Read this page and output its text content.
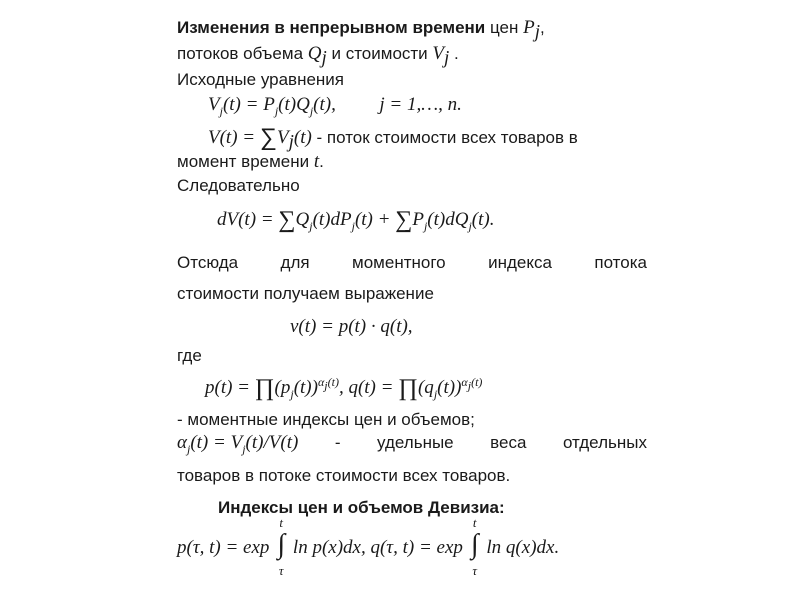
Изменения в непрерывном времени цен $P_j$,
потоков объема $Q_j$ и стоимости $V_j$ .
Исходные уравнения
$V_j(t) = P_j(t)Q_j(t)$, j = 1,…, n.
$V(t) = \sum V_j(t)$ - поток стоимости всех товаров в
момент времени t.
Следовательно
$dV(t) = \sum Q_j(t)dP_j(t) + \sum P_j(t)dQ_j(t)$.
Отсюда для моментного индекса потока
стоимости получаем выражение
v(t) = p(t) · q(t),
где
$p(t) = \prod(p_j(t))^{\alpha_j(t)}$, $q(t) = \prod(q_j(t))^{\alpha_j(t)}$
- моментные индексы цен и объемов;
$\alpha_j(t) = V_j(t)/V(t)$ - удельные веса отдельных
товаров в потоке стоимости всех товаров.
Индексы цен и объемов Девизиа:
p(τ, t) = exp
t
∫
τ
ln p(x)dx, q(τ, t) = exp
t
∫
τ
ln q(x)dx.
